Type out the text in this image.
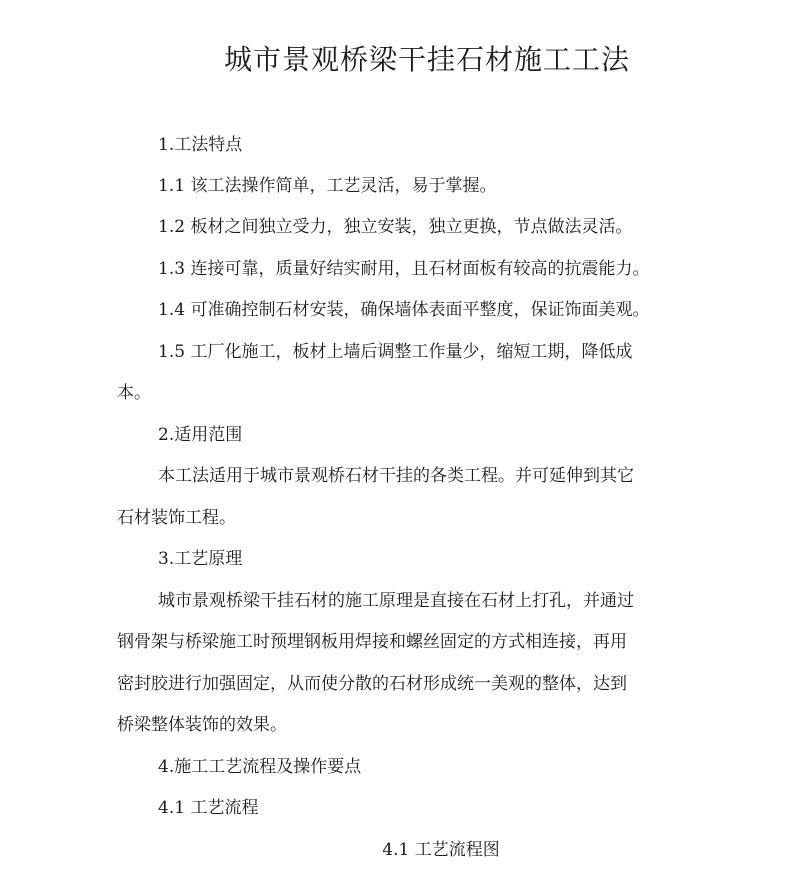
城市景观桥梁干挂石材施工工法
1.工法特点
1.1 该工法操作简单，工艺灵活，易于掌握。
1.2 板材之间独立受力，独立安装，独立更换，节点做法灵活。
1.3 连接可靠，质量好结实耐用，且石材面板有较高的抗震能力。
1.4 可准确控制石材安装，确保墙体表面平整度，保证饰面美观。
1.5 工厂化施工，板材上墙后调整工作量少，缩短工期，降低成
本。
2.适用范围
本工法适用于城市景观桥石材干挂的各类工程。并可延伸到其它
石材装饰工程。
3.工艺原理
城市景观桥梁干挂石材的施工原理是直接在石材上打孔，并通过
钢骨架与桥梁施工时预埋钢板用焊接和螺丝固定的方式相连接，再用
密封胶进行加强固定，从而使分散的石材形成统一美观的整体，达到
桥梁整体装饰的效果。
4.施工工艺流程及操作要点
4.1 工艺流程
4.1 工艺流程图
